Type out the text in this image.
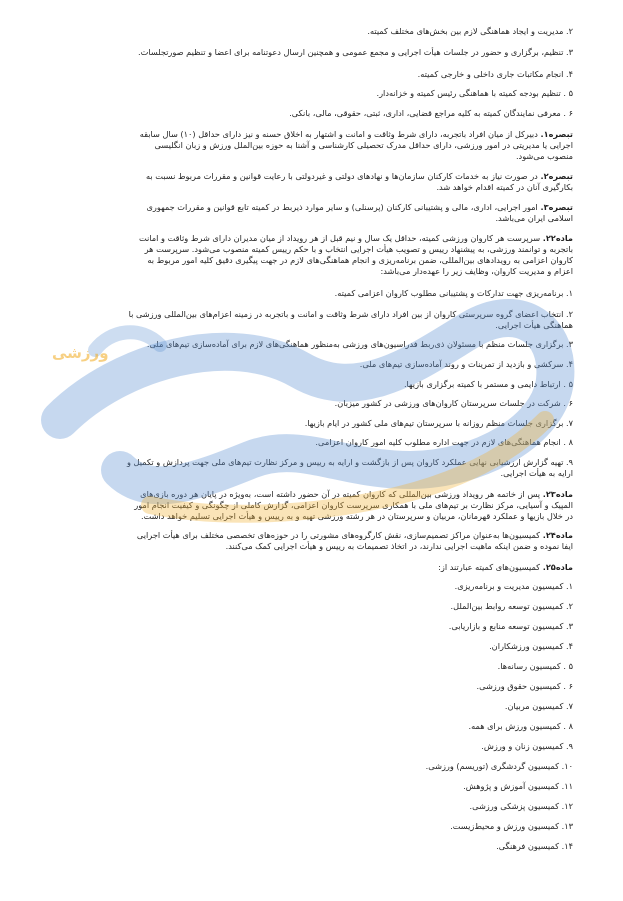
۲. مدیریت و ایجاد هماهنگی لازم بین بخش‌های مختلف کمیته.
۳. تنظیم، برگزاری و حضور در جلسات هیأت اجرایی و مجمع عمومی و همچنین ارسال دعوتنامه برای اعضا و تنظیم صورتجلسات.
۴. انجام مکاتبات جاری داخلی و خارجی کمیته.
۵ . تنظیم بودجه کمیته با هماهنگی رئیس کمیته و خزانه‌دار.
۶ . معرفی نمایندگان کمیته به کلیه مراجع قضایی، اداری، ثبتی، حقوقی، مالی، بانکی.
تبصره۱. دبیرکل از میان افراد باتجربه، دارای شرط وثاقت و امانت و اشتهار به اخلاق حسنه و نیز دارای حداقل (۱۰) سال سابقه
اجرایی یا مدیریتی در امور ورزشی، دارای حداقل مدرک تحصیلی کارشناسی و آشنا به حوزه بین‌الملل ورزش و زبان انگلیسی
منصوب می‌شود.
تبصره۲. در صورت نیاز به خدمات کارکنان سازمان‌ها و نهادهای دولتی و غیردولتی با رعایت قوانین و مقررات مربوط نسبت به
بکارگیری آنان در کمیته اقدام خواهد شد.
تبصره۳. امور اجرایی، اداری، مالی و پشتیبانی کارکنان (پرسنلی) و سایر موارد ذیربط در کمیته تابع قوانین و مقررات جمهوری
اسلامی ایران می‌باشد.
ماده۲۲. سرپرست هر کاروان ورزشی کمیته، حداقل یک سال و نیم قبل از هر رویداد از میان مدیران دارای شرط وثاقت و امانت
باتجربه و توانمند ورزشی، به پیشنهاد رییس و تصویب هیأت اجرایی انتخاب و با حکم رییس کمیته منصوب می‌شود. سرپرست هر
کاروان اعزامی به رویدادهای بین‌المللی، ضمن برنامه‌ریزی و انجام هماهنگی‌های لازم در جهت پیگیری دقیق کلیه امور مربوط به
اعزام و مدیریت کاروان، وظایف زیر را عهده‌دار می‌باشد:
۱. برنامه‌ریزی جهت تدارکات و پشتیبانی مطلوب کاروان اعزامی کمیته.
۲. انتخاب اعضای گروه سرپرستی کاروان از بین افراد دارای شرط وثاقت و امانت و باتجربه در زمینه اعزام‌های بین‌المللی ورزشی با
هماهنگی هیأت اجرایی.
۳. برگزاری جلسات منظم با مسئولان ذی‌ربط فدراسیون‌های ورزشی به‌منظور هماهنگی‌های لازم برای آماده‌سازی تیم‌های ملی.
۴. سرکشی و بازدید از تمرینات و روند آماده‌سازی تیم‌های ملی.
۵ . ارتباط دایمی و مستمر با کمیته برگزاری بازیها.
۶ . شرکت در جلسات سرپرستان کاروان‌های ورزشی در کشور میزبان.
۷. برگزاری جلسات منظم روزانه با سرپرستان تیم‌های ملی کشور در ایام بازیها.
۸ . انجام هماهنگی‌های لازم در جهت اداره مطلوب کلیه امور کاروان اعزامی.
۹. تهیه گزارش ارزشیابی نهایی عملکرد کاروان پس از بازگشت و ارایه به رییس و مرکز نظارت تیم‌های ملی جهت پردازش و تکمیل و
ارایه به هیأت اجرایی.
ماده۲۳. پس از خاتمه هر رویداد ورزشی بین‌المللی که کاروان کمیته در آن حضور داشته است، به‌ویژه در پایان هر دوره بازی‌های
المپیک و آسیایی، مرکز نظارت بر تیم‌های ملی با همکاری سرپرست کاروان اعزامی، گزارش کاملی از چگونگی و کیفیت انجام امور
در خلال بازیها و عملکرد قهرمانان، مربیان و سرپرستان در هر رشته ورزشی تهیه و به رییس و هیأت اجرایی تسلیم خواهد داشت.
ماده۲۴. کمیسیون‌ها به‌عنوان مراکز تصمیم‌سازی، نقش کارگروه‌های مشورتی را در حوزه‌های تخصصی مختلف برای هیأت اجرایی
ایفا نموده و ضمن اینکه ماهیت اجرایی ندارند، در اتخاذ تصمیمات به رییس و هیأت اجرایی کمک می‌کنند.
ماده۲۵. کمیسیون‌های کمیته عبارتند از:
۱. کمیسیون مدیریت و برنامه‌ریزی.
۲. کمیسیون توسعه روابط بین‌الملل.
۳. کمیسیون توسعه منابع و بازاریابی.
۴. کمیسیون ورزشکاران.
۵ . کمیسیون رسانه‌ها.
۶ . کمیسیون حقوق ورزشی.
۷. کمیسیون مربیان.
۸ . کمیسیون ورزش برای همه.
۹. کمیسیون زنان و ورزش.
۱۰. کمیسیون گردشگری (توریسم) ورزشی.
۱۱. کمیسیون آموزش و پژوهش.
۱۲. کمیسیون پزشکی ورزشی.
۱۳. کمیسیون ورزش و محیط‌زیست.
۱۴. کمیسیون فرهنگی.
ورزشی
